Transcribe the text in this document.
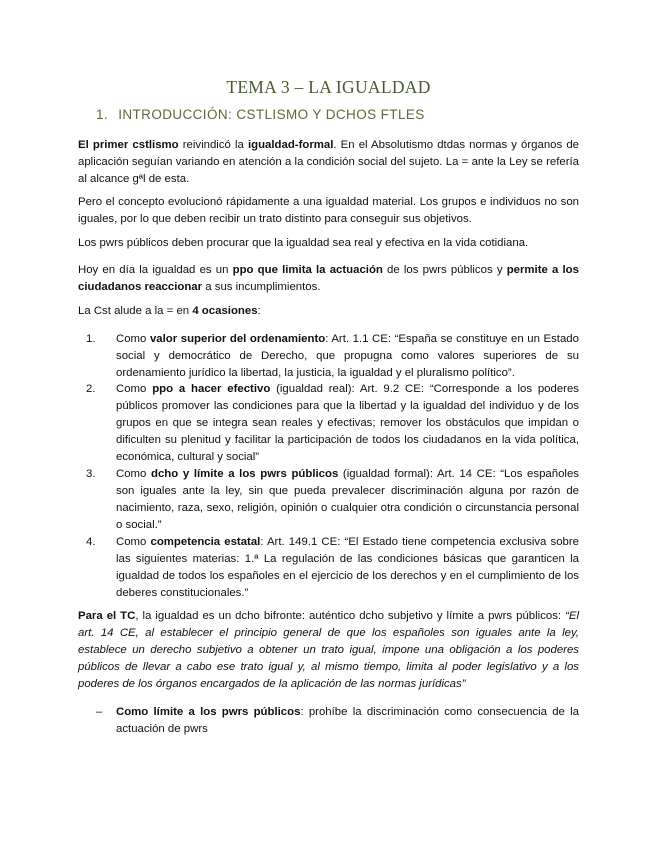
TEMA 3 – LA IGUALDAD
1. INTRODUCCIÓN: CSTLISMO Y DCHOS FTLES
El primer cstlismo reivindicó la igualdad-formal. En el Absolutismo dtdas normas y órganos de aplicación seguían variando en atención a la condición social del sujeto. La = ante la Ley se refería al alcance gªl de esta.
Pero el concepto evolucionó rápidamente a una igualdad material. Los grupos e individuos no son iguales, por lo que deben recibir un trato distinto para conseguir sus objetivos.
Los pwrs públicos deben procurar que la igualdad sea real y efectiva en la vida cotidiana.
Hoy en día la igualdad es un ppo que limita la actuación de los pwrs públicos y permite a los ciudadanos reaccionar a sus incumplimientos.
La Cst alude a la = en 4 ocasiones:
1. Como valor superior del ordenamiento: Art. 1.1 CE: “España se constituye en un Estado social y democrático de Derecho, que propugna como valores superiores de su ordenamiento jurídico la libertad, la justicia, la igualdad y el pluralismo político”.
2. Como ppo a hacer efectivo (igualdad real): Art. 9.2 CE: “Corresponde a los poderes públicos promover las condiciones para que la libertad y la igualdad del individuo y de los grupos en que se integra sean reales y efectivas; remover los obstáculos que impidan o dificulten su plenitud y facilitar la participación de todos los ciudadanos en la vida política, económica, cultural y social”
3. Como dcho y límite a los pwrs públicos (igualdad formal): Art. 14 CE: “Los españoles son iguales ante la ley, sin que pueda prevalecer discriminación alguna por razón de nacimiento, raza, sexo, religión, opinión o cualquier otra condición o circunstancia personal o social.”
4. Como competencia estatal: Art. 149.1 CE: “El Estado tiene competencia exclusiva sobre las siguientes materias: 1.ª La regulación de las condiciones básicas que garanticen la igualdad de todos los españoles en el ejercicio de los derechos y en el cumplimiento de los deberes constitucionales.”
Para el TC, la igualdad es un dcho bifronte: auténtico dcho subjetivo y límite a pwrs públicos: “El art. 14 CE, al establecer el principio general de que los españoles son iguales ante la ley, establece un derecho subjetivo a obtener un trato igual, impone una obligación a los poderes públicos de llevar a cabo ese trato igual y, al mismo tiempo, limita al poder legislativo y a los poderes de los órganos encargados de la aplicación de las normas jurídicas”
– Como límite a los pwrs públicos: prohíbe la discriminación como consecuencia de la actuación de pwrs
